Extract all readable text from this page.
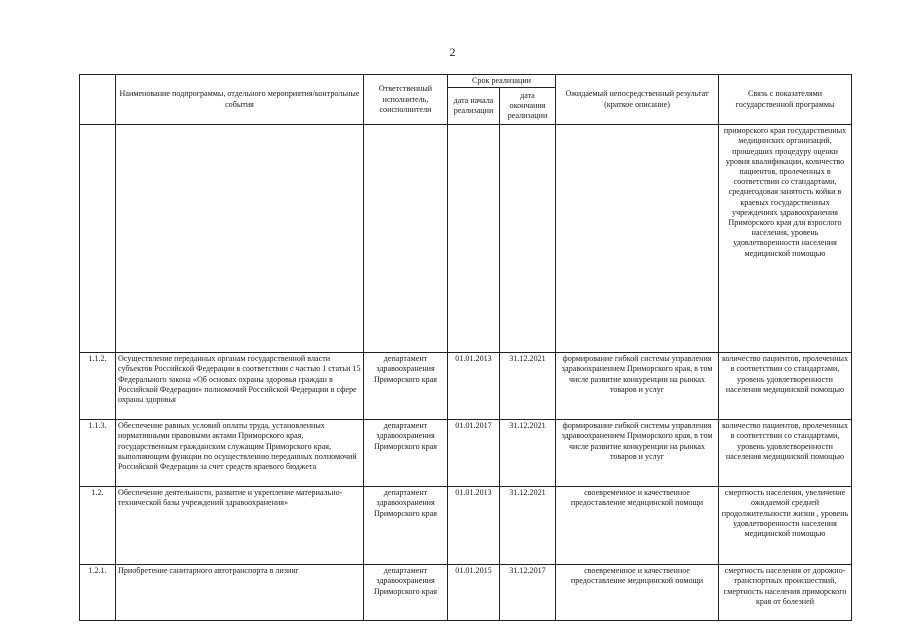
2
	Наименование подпрограммы, отдельного мероприятия/контрольные события	Ответственный исполнитель, соисполнители	Срок реализации		Ожидаемый непосредственный результат (краткое описание)	Связь с показателями государственной программы
			дата начала реализации	дата окончания реализации		
						приморского края государственных медицинских организаций, прошедших процедуру оценки уровня квалификации, количество пациентов, пролеченных в соответствии со стандартами, среднегодовая занятость койки в краевых государственных учреждениях здравоохранения Приморского края для взрослого населения, уровень удовлетворенности населения медицинской помощью
1.1.2.	Осуществление переданных органам государственной власти субъектов Российской Федерации в соответствии с частью 1 статьи 15 Федерального закона «Об основах охраны здоровья граждан в Российской Федерации» полномочий Российской Федерации в сфере охраны здоровья	департамент здравоохранения Приморского края	01.01.2013	31.12.2021	формирование гибкой системы управления здравоохранением Приморского края, в том числе развитие конкуренции на рынках товаров и услуг	количество пациентов, пролеченных в соответствии со стандартами, уровень удовлетворенности населения медицинской помощью
1.1.3.	Обеспечение равных условий оплаты труда, установленных нормативными правовыми актами Приморского края, государственным гражданским служащим Приморского края, выполняющим функции по осуществлению переданных полномочий Российской Федерации за счет средств краевого бюджета	департамент здравоохранения Приморского края	01.01.2017	31.12.2021	формирование гибкой системы управления здравоохранением Приморского края, в том числе развитие конкуренции на рынках товаров и услуг	количество пациентов, пролеченных в соответствии со стандартами, уровень удовлетворенности населения медицинской помощью
1.2.	Обеспечение деятельности, развитие и укрепление материально-технической базы учреждений здравоохранения»	департамент здравоохранения Приморского края	01.01.2013	31.12.2021	своевременное и качественное предоставление медицинской помощи	смертность населения, увеличение ожидаемой средней продолжительности жизни , уровень удовлетворенности населения медицинской помощью
1.2.1.	Приобретение санитарного автотранспорта в лизинг	департамент здравоохранения Приморского края	01.01.2015	31.12.2017	своевременное и качественное предоставление медицинской помощи	смертность населения от дорожно-транспортных происшествий, смертность населения приморского края от болезней
